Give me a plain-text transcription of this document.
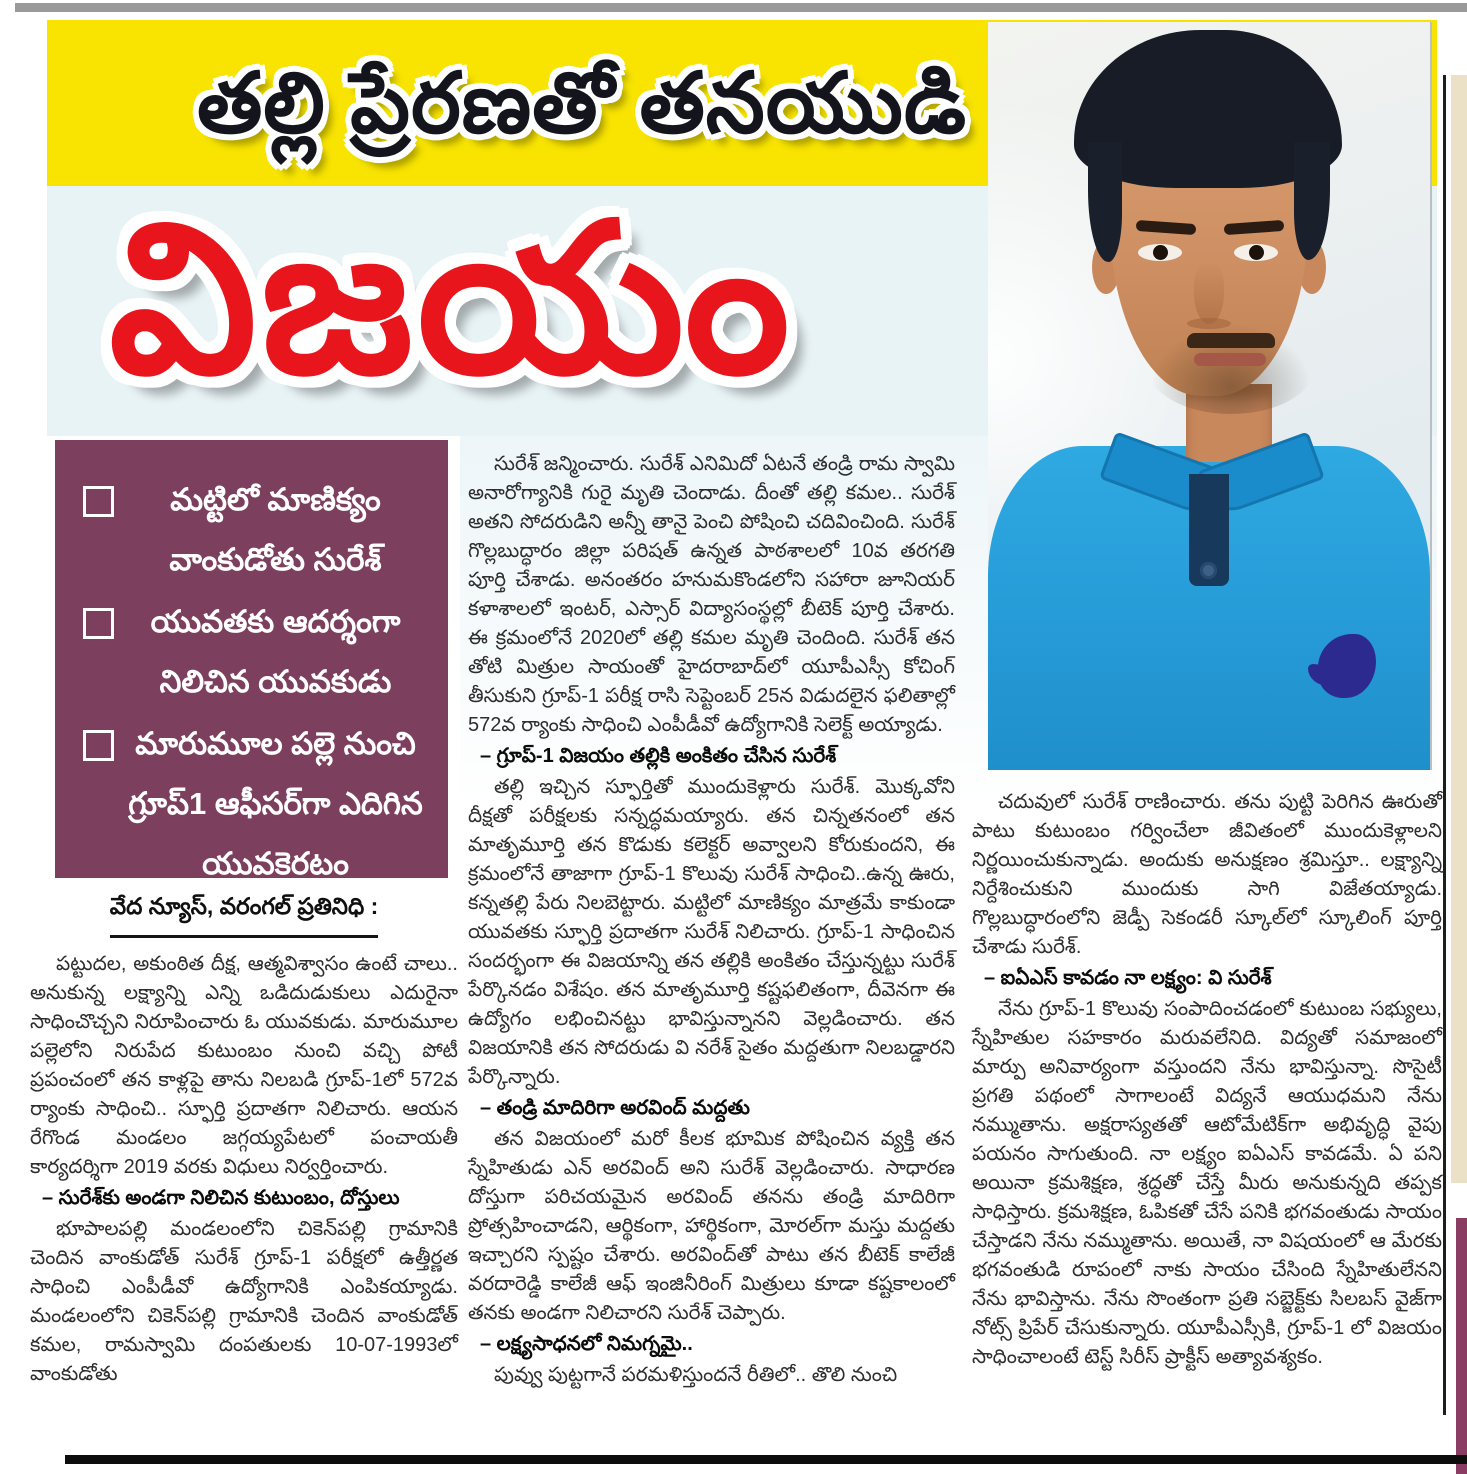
తల్లి ప్రేరణతో తనయుడి
విజయం
మట్టిలో మాణిక్యం వాంకుడోతు సురేశ్
యువతకు ఆదర్శంగా నిలిచిన యువకుడు
మారుమూల పల్లె నుంచి గ్రూప్1 ఆఫీసర్‌గా ఎదిగిన యువకెరటం
వేద న్యూస్, వరంగల్ ప్రతినిధి :

పట్టుదల, అకుంఠిత దీక్ష, ఆత్మవిశ్వాసం ఉంటే చాలు.. అనుకున్న లక్ష్యాన్ని ఎన్ని ఒడిదుడుకులు ఎదురైనా సాధించొచ్చని నిరూపించారు ఓ యువకుడు. మారుమూల పల్లెలోని నిరుపేద కుటుంబం నుంచి వచ్చి పోటీ ప్రపంచంలో తన కాళ్లపై తాను నిలబడి గ్రూప్-1లో 572వ ర్యాంకు సాధించి.. స్ఫూర్తి ప్రదాతగా నిలిచారు. ఆయన రేగొండ మండలం జగ్గయ్యపేటలో పంచాయతీ కార్యదర్శిగా 2019 వరకు విధులు నిర్వర్తించారు.

– సురేశ్‌కు అండగా నిలిచిన కుటుంబం, దోస్తులు

భూపాలపల్లి మండలంలోని చికెన్‌పల్లి గ్రామానికి చెందిన వాంకుడోత్ సురేశ్ గ్రూప్-1 పరీక్షలో ఉత్తీర్ణత సాధించి ఎంపీడీవో ఉద్యోగానికి ఎంపికయ్యాడు. మండలంలోని చికెన్‌పల్లి గ్రామానికి చెందిన వాంకుడోత్ కమల, రామస్వామి దంపతులకు 10-07-1993లో వాంకుడోతు

సురేశ్ జన్మించారు. సురేశ్ ఎనిమిదో ఏటనే తండ్రి రామ స్వామి అనారోగ్యానికి గురై మృతి చెందాడు. దీంతో తల్లి కమల.. సురేశ్ అతని సోదరుడిని అన్నీ తానై పెంచి పోషించి చదివించింది. సురేశ్ గొల్లబుద్ధారం జిల్లా పరిషత్ ఉన్నత పాఠశాలలో 10వ తరగతి పూర్తి చేశాడు. అనంతరం హనుమకొండలోని సహారా జూనియర్ కళాశాలలో ఇంటర్, ఎస్సార్ విద్యాసంస్థల్లో బీటెక్ పూర్తి చేశారు. ఈ క్రమంలోనే 2020లో తల్లి కమల మృతి చెందింది. సురేశ్ తన తోటి మిత్రుల సాయంతో హైదరాబాద్‌లో యూపీఎస్సీ కోచింగ్ తీసుకుని గ్రూప్-1 పరీక్ష రాసి సెప్టెంబర్ 25న విడుదలైన ఫలితాల్లో 572వ ర్యాంకు సాధించి ఎంపీడీవో ఉద్యోగానికి సెలెక్ట్ అయ్యాడు.

– గ్రూప్-1 విజయం తల్లికి అంకితం చేసిన సురేశ్

తల్లి ఇచ్చిన స్ఫూర్తితో ముందుకెళ్లారు సురేశ్. మొక్కవోని దీక్షతో పరీక్షలకు సన్నద్ధమయ్యారు. తన చిన్నతనంలో తన మాతృమూర్తి తన కొడుకు కలెక్టర్ అవ్వాలని కోరుకుందని, ఈ క్రమంలోనే తాజాగా గ్రూప్-1 కొలువు సురేశ్ సాధించి..ఉన్న ఊరు, కన్నతల్లి పేరు నిలబెట్టారు. మట్టిలో మాణిక్యం మాత్రమే కాకుండా యువతకు స్ఫూర్తి ప్రదాతగా సురేశ్ నిలిచారు. గ్రూప్-1 సాధించిన సందర్భంగా ఈ విజయాన్ని తన తల్లికి అంకితం చేస్తున్నట్టు సురేశ్ పేర్కొనడం విశేషం. తన మాతృమూర్తి కష్టఫలితంగా, దీవెనగా ఈ ఉద్యోగం లభించినట్టు భావిస్తున్నానని వెల్లడించారు. తన విజయానికి తన సోదరుడు వి నరేశ్ సైతం మద్దతుగా నిలబడ్డారని పేర్కొన్నారు.

– తండ్రి మాదిరిగా అరవింద్ మద్దతు

తన విజయంలో మరో కీలక భూమిక పోషించిన వ్యక్తి తన స్నేహితుడు ఎన్ అరవింద్ అని సురేశ్ వెల్లడించారు. సాధారణ దోస్తుగా పరిచయమైన అరవింద్ తనను తండ్రి మాదిరిగా ప్రోత్సహించాడని, ఆర్థికంగా, హార్థికంగా, మోరల్‌గా మస్తు మద్దతు ఇచ్చారని స్పష్టం చేశారు. అరవింద్‌తో పాటు తన బీటెక్ కాలేజీ వరదారెడ్డి కాలేజీ ఆఫ్ ఇంజినీరింగ్ మిత్రులు కూడా కష్టకాలంలో తనకు అండగా నిలిచారని సురేశ్ చెప్పారు.

– లక్ష్యసాధనలో నిమగ్నమై..

పువ్వు పుట్టగానే పరమళిస్తుందనే రీతిలో.. తొలి నుంచి

చదువులో సురేశ్ రాణించారు. తను పుట్టి పెరిగిన ఊరుతో పాటు కుటుంబం గర్వించేలా జీవితంలో ముందుకెళ్లాలని నిర్ణయించుకున్నాడు. అందుకు అనుక్షణం శ్రమిస్తూ.. లక్ష్యాన్ని నిర్దేశించుకుని ముందుకు సాగి విజేతయ్యాడు. గొల్లబుద్ధారంలోని జెడ్పీ సెకండరీ స్కూల్‌లో స్కూలింగ్ పూర్తి చేశాడు సురేశ్.

– ఐఏఎస్ కావడం నా లక్ష్యం: వి సురేశ్

నేను గ్రూప్-1 కొలువు సంపాదించడంలో కుటుంబ సభ్యులు, స్నేహితుల సహకారం మరువలేనిది. విద్యతో సమాజంలో మార్పు అనివార్యంగా వస్తుందని నేను భావిస్తున్నా. సొసైటీ ప్రగతి పథంలో సాగాలంటే విద్యనే ఆయుధమని నేను నమ్ముతాను. అక్షరాస్యతతో ఆటోమేటిక్‌గా అభివృద్ధి వైపు పయనం సాగుతుంది. నా లక్ష్యం ఐఏఎస్ కావడమే. ఏ పని అయినా క్రమశిక్షణ, శ్రద్ధతో చేస్తే మీరు అనుకున్నది తప్పక సాధిస్తారు. క్రమశిక్షణ, ఓపికతో చేసే పనికి భగవంతుడు సాయం చేస్తాడని నేను నమ్ముతాను. అయితే, నా విషయంలో ఆ మేరకు భగవంతుడి రూపంలో నాకు సాయం చేసింది స్నేహితులేనని నేను భావిస్తాను. నేను సొంతంగా ప్రతి సబ్జెక్ట్‌కు సిలబస్ వైజ్‌గా నోట్స్ ప్రిపేర్ చేసుకున్నారు. యూపీఎస్సీకి, గ్రూప్-1 లో విజయం సాధించాలంటే టెస్ట్ సిరీస్ ప్రాక్టీస్ అత్యావశ్యకం.
